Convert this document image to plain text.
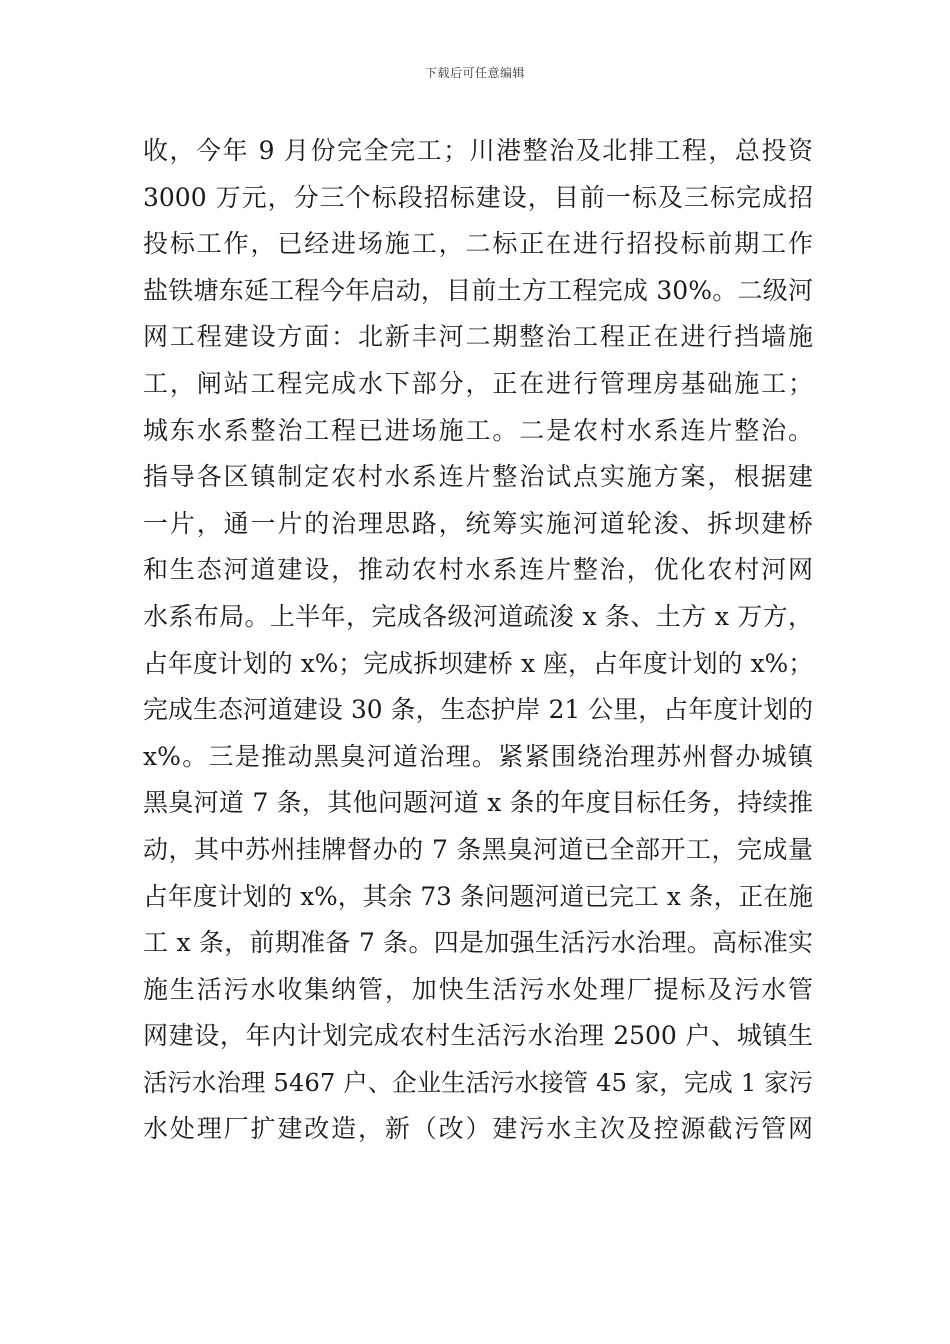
下载后可任意编辑
收，今年 9 月份完全完工；川港整治及北排工程，总投资
3000 万元，分三个标段招标建设，目前一标及三标完成招
投标工作，已经进场施工，二标正在进行招投标前期工作
盐铁塘东延工程今年启动，目前土方工程完成 30%。二级河
网工程建设方面：北新丰河二期整治工程正在进行挡墙施
工，闸站工程完成水下部分，正在进行管理房基础施工；
城东水系整治工程已进场施工。二是农村水系连片整治。
指导各区镇制定农村水系连片整治试点实施方案，根据建
一片，通一片的治理思路，统筹实施河道轮浚、拆坝建桥
和生态河道建设，推动农村水系连片整治，优化农村河网
水系布局。上半年，完成各级河道疏浚 x 条、土方 x 万方，
占年度计划的 x%；完成拆坝建桥 x 座，占年度计划的 x%；
完成生态河道建设 30 条，生态护岸 21 公里，占年度计划的
x%。三是推动黑臭河道治理。紧紧围绕治理苏州督办城镇
黑臭河道 7 条，其他问题河道 x 条的年度目标任务，持续推
动，其中苏州挂牌督办的 7 条黑臭河道已全部开工，完成量
占年度计划的 x%，其余 73 条问题河道已完工 x 条，正在施
工 x 条，前期准备 7 条。四是加强生活污水治理。高标准实
施生活污水收集纳管，加快生活污水处理厂提标及污水管
网建设，年内计划完成农村生活污水治理 2500 户、城镇生
活污水治理 5467 户、企业生活污水接管 45 家，完成 1 家污
水处理厂扩建改造，新（改）建污水主次及控源截污管网
